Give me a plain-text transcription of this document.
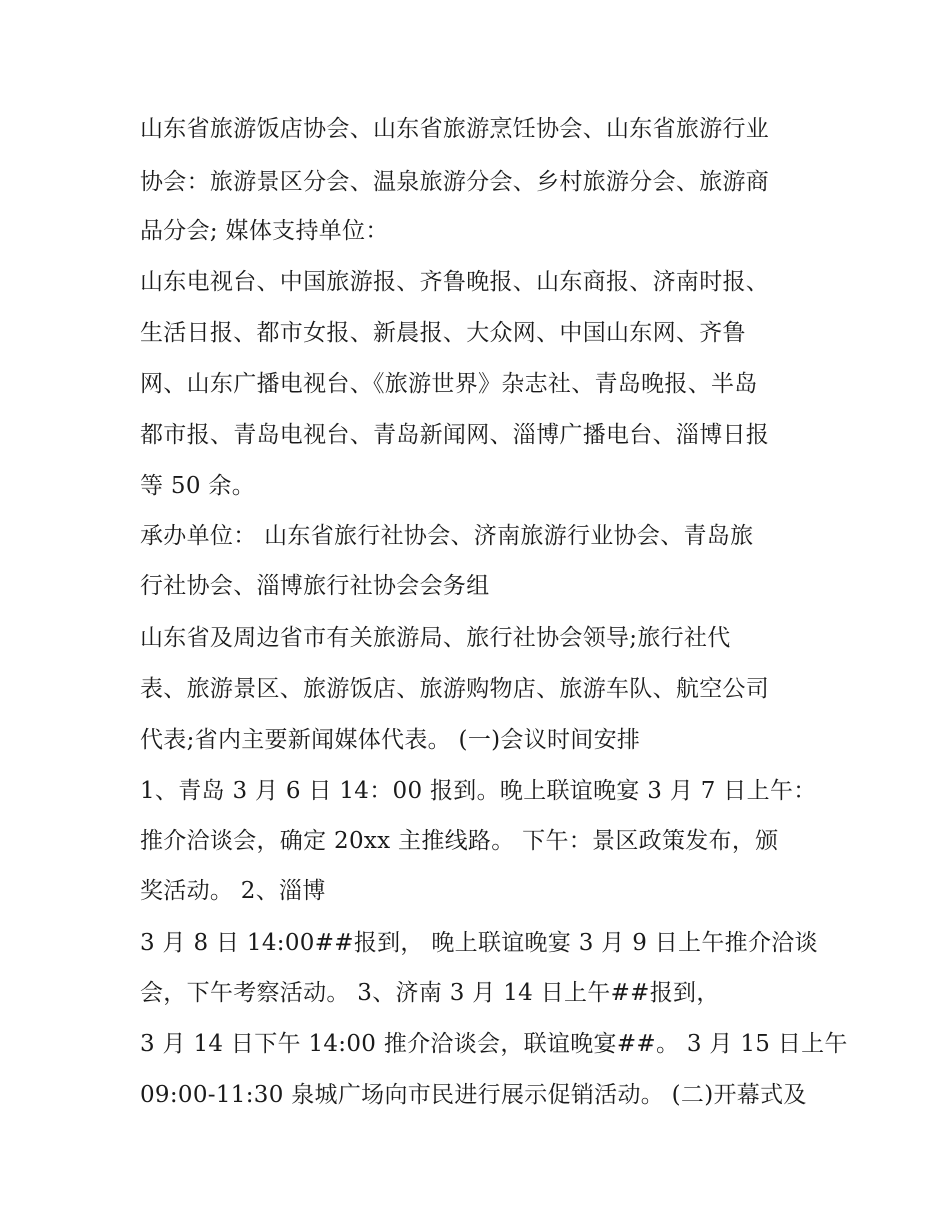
山东省旅游饭店协会、山东省旅游烹饪协会、山东省旅游行业
协会：旅游景区分会、温泉旅游分会、乡村旅游分会、旅游商
品分会; 媒体支持单位：
山东电视台、中国旅游报、齐鲁晚报、山东商报、济南时报、
生活日报、都市女报、新晨报、大众网、中国山东网、齐鲁
网、山东广播电视台、《旅游世界》杂志社、青岛晚报、半岛
都市报、青岛电视台、青岛新闻网、淄博广播电台、淄博日报
等 50 余。
承办单位： 山东省旅行社协会、济南旅游行业协会、青岛旅
行社协会、淄博旅行社协会会务组
山东省及周边省市有关旅游局、旅行社协会领导;旅行社代
表、旅游景区、旅游饭店、旅游购物店、旅游车队、航空公司
代表;省内主要新闻媒体代表。 (一)会议时间安排
1、青岛 3 月 6 日 14：00 报到。晚上联谊晚宴 3 月 7 日上午：
推介洽谈会，确定 20xx 主推线路。 下午：景区政策发布，颁
奖活动。 2、淄博
3 月 8 日 14:00##报到， 晚上联谊晚宴 3 月 9 日上午推介洽谈
会，下午考察活动。 3、济南 3 月 14 日上午##报到，
3 月 14 日下午 14:00 推介洽谈会，联谊晚宴##。 3 月 15 日上午
09:00-11:30 泉城广场向市民进行展示促销活动。 (二)开幕式及
